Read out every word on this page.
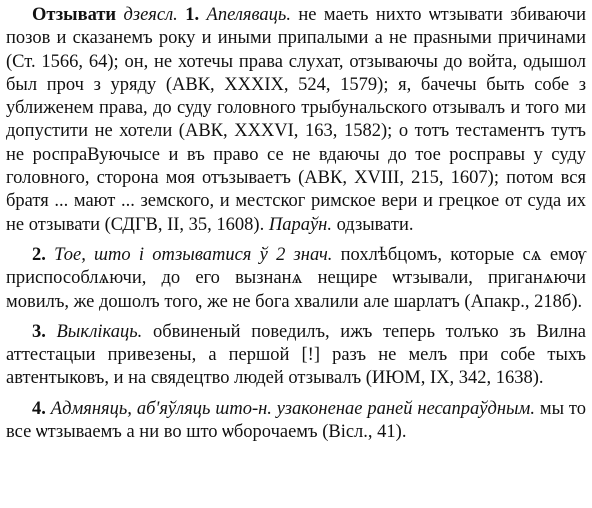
Отзывати дзеясл. 1. Апеляваць. не маеть нихто ѡтзывати збиваючи позов и сказанемъ року и иными припалыми а не праѕными причинами (Ст. 1566, 64); он, не хотечы права слухат, отзываючы до войта, одышол был проч з уряду (АВК, XXXIX, 524, 1579); я, бачечы быть собе з уближенем права, до суду головного трыбунальского отзывалъ и того ми допустити не хотели (АВК, XXXVI, 163, 1582); о тотъ тестаментъ тутъ не роспраВуючысе и въ право се не вдаючы до тое росправы у суду головного, сторона моя отъзываетъ (АВК, XVIII, 215, 1607); потом вся братя ... мают ... земского, и местског римское вери и грецкое от суда их не отзывати (СДГВ, II, 35, 1608). Параўн. одзывати.

2. Тое, што і отзыватися ў 2 знач. похлѣбцомъ, которые сѧ емѹ приспособлѧючи, до его вызнанѧ нещире ѡтзывали, приганѧючи мовилъ, же дошолъ того, же не бога хвалили але шарлатъ (Апакр., 218б).

3. Выклікаць. обвиненый поведилъ, ижъ теперь толъко зъ Вилна аттестацыи привезены, а першой [!] разъ не мелъ при собе тыхъ автентыковъ, и на свядецтво людей отзывалъ (ИЮМ, IX, 342, 1638).

4. Адмяняць, аб'яўляць што-н. узаконенае раней несапраўдным. мы то все ѡтзываемъ а ни во што ѡборочаемъ (Вісл., 41).
